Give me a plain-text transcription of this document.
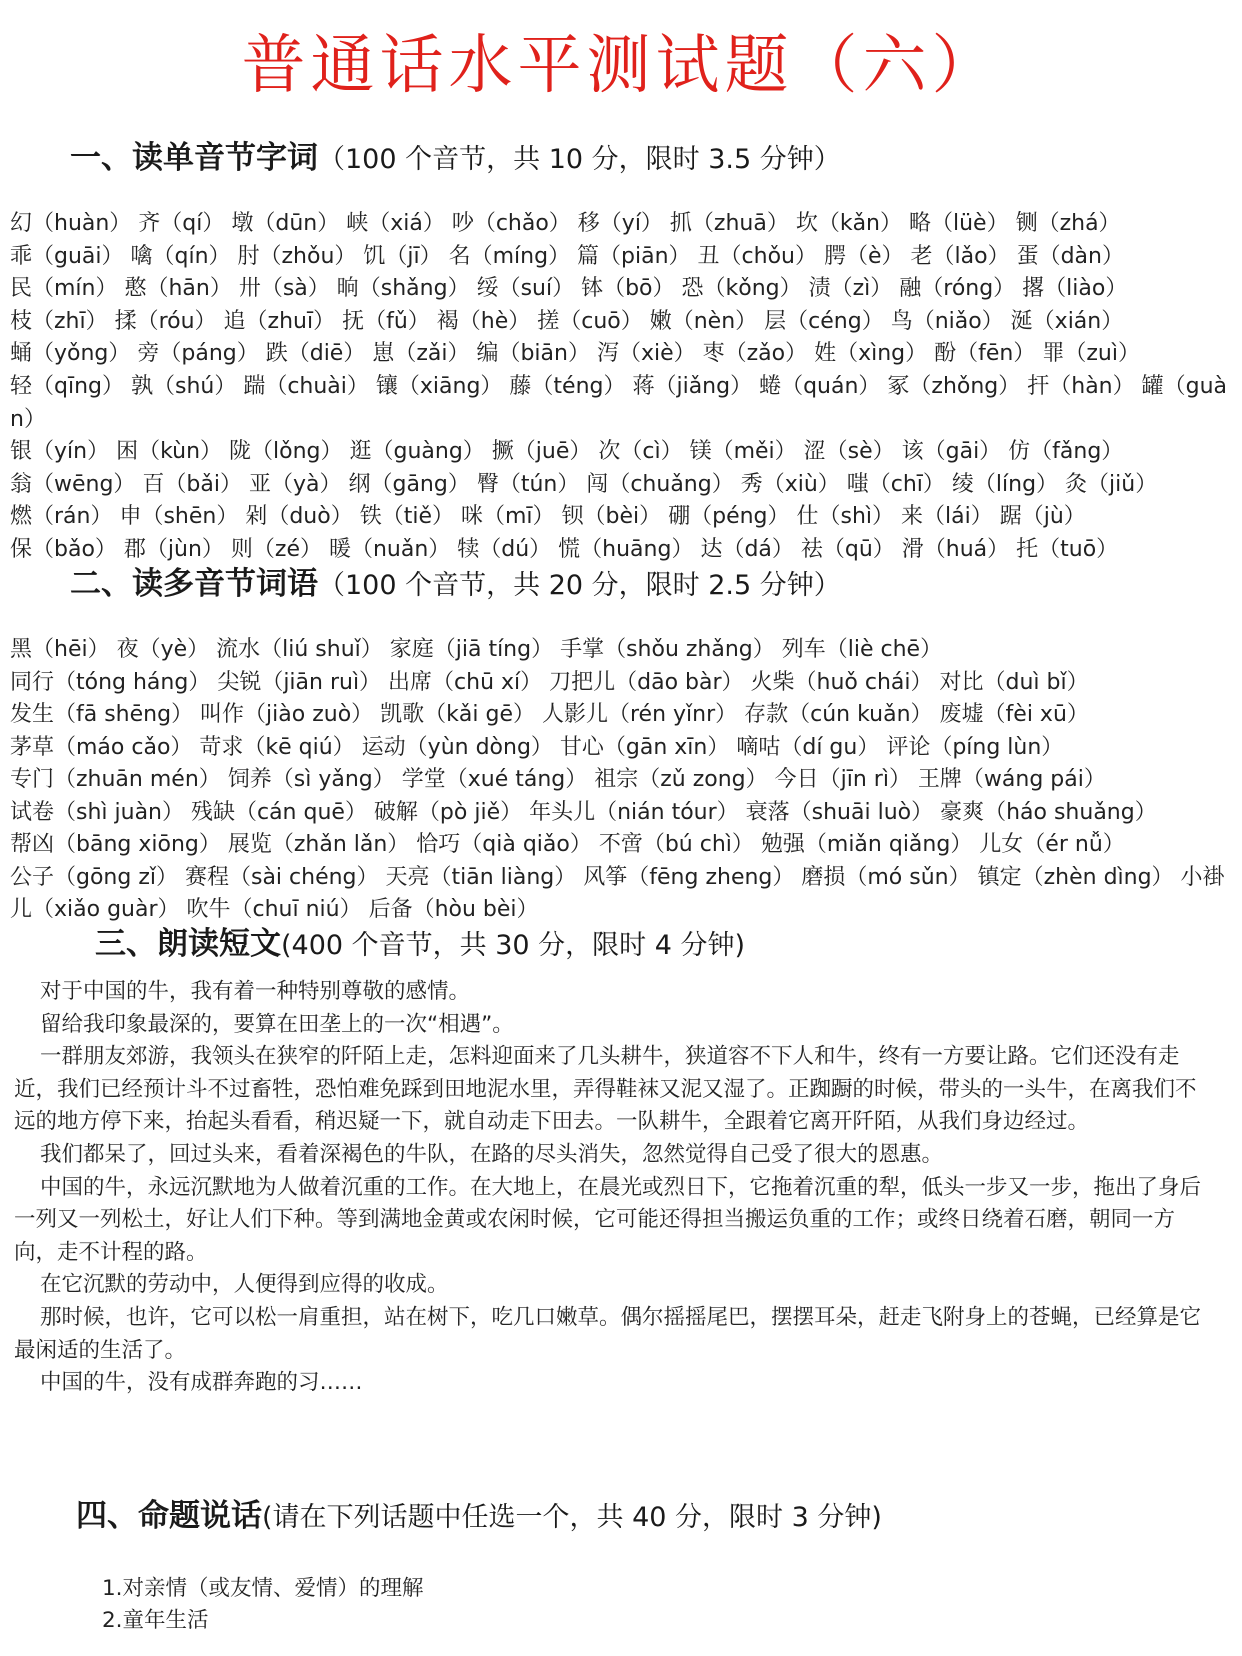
普通话水平测试题（六）
一、读单音节字词（100 个音节，共 10 分，限时 3.5 分钟）
幻（huàn） 齐（qí） 墩（dūn） 峡（xiá） 吵（chǎo） 移（yí） 抓（zhuā） 坎（kǎn） 略（lüè） 铡（zhá）
乖（guāi） 噙（qín） 肘（zhǒu） 饥（jī） 名（míng） 篇（piān） 丑（chǒu） 腭（è） 老（lǎo） 蛋（dàn）
民（mín） 憨（hān） 卅（sà） 晌（shǎng） 绥（suí） 钵（bō） 恐（kǒng） 渍（zì） 融（róng） 撂（liào）
枝（zhī） 揉（róu） 追（zhuī） 抚（fǔ） 褐（hè） 搓（cuō） 嫩（nèn） 层（céng） 鸟（niǎo） 涎（xián）
蛹（yǒng） 旁（páng） 跌（diē） 崽（zǎi） 编（biān） 泻（xiè） 枣（zǎo） 姓（xìng） 酚（fēn） 罪（zuì）
轻（qīng） 孰（shú） 踹（chuài） 镶（xiāng） 藤（téng） 蒋（jiǎng） 蜷（quán） 冢（zhǒng） 扞（hàn） 罐（guàn）
银（yín） 困（kùn） 陇（lǒng） 逛（guàng） 撅（juē） 次（cì） 镁（měi） 涩（sè） 该（gāi） 仿（fǎng）
翁（wēng） 百（bǎi） 亚（yà） 纲（gāng） 臀（tún） 闯（chuǎng） 秀（xiù） 嗤（chī） 绫（líng） 灸（jiǔ）
燃（rán） 申（shēn） 剁（duò） 铁（tiě） 咪（mī） 钡（bèi） 硼（péng） 仕（shì） 来（lái） 踞（jù）
保（bǎo） 郡（jùn） 则（zé） 暖（nuǎn） 犊（dú） 慌（huāng） 达（dá） 祛（qū） 滑（huá） 托（tuō）
二、读多音节词语（100 个音节，共 20 分，限时 2.5 分钟）
黑（hēi） 夜（yè） 流水（liú shuǐ） 家庭（jiā tíng） 手掌（shǒu zhǎng） 列车（liè chē）
同行（tóng háng） 尖锐（jiān ruì） 出席（chū xí） 刀把儿（dāo bàr） 火柴（huǒ chái） 对比（duì bǐ）
发生（fā shēng） 叫作（jiào zuò） 凯歌（kǎi gē） 人影儿（rén yǐnr） 存款（cún kuǎn） 废墟（fèi xū）
茅草（máo cǎo） 苛求（kē qiú） 运动（yùn dòng） 甘心（gān xīn） 嘀咕（dí gu） 评论（píng lùn）
专门（zhuān mén） 饲养（sì yǎng） 学堂（xué táng） 祖宗（zǔ zong） 今日（jīn rì） 王牌（wáng pái）
试卷（shì juàn） 残缺（cán quē） 破解（pò jiě） 年头儿（nián tóur） 衰落（shuāi luò） 豪爽（háo shuǎng）
帮凶（bāng xiōng） 展览（zhǎn lǎn） 恰巧（qià qiǎo） 不啻（bú chì） 勉强（miǎn qiǎng） 儿女（ér nǚ）
公子（gōng zǐ） 赛程（sài chéng） 天亮（tiān liàng） 风筝（fēng zheng） 磨损（mó sǔn） 镇定（zhèn dìng） 小褂儿（xiǎo guàr） 吹牛（chuī niú） 后备（hòu bèi）
三、朗读短文(400 个音节，共 30 分，限时 4 分钟)

对于中国的牛，我有着一种特别尊敬的感情。

留给我印象最深的，要算在田垄上的一次“相遇”。

一群朋友郊游，我领头在狭窄的阡陌上走，怎料迎面来了几头耕牛，狭道容不下人和牛，终有一方要让路。它们还没有走近，我们已经预计斗不过畜牲，恐怕难免踩到田地泥水里，弄得鞋袜又泥又湿了。正踟蹰的时候，带头的一头牛，在离我们不远的地方停下来，抬起头看看，稍迟疑一下，就自动走下田去。一队耕牛，全跟着它离开阡陌，从我们身边经过。

我们都呆了，回过头来，看着深褐色的牛队，在路的尽头消失，忽然觉得自己受了很大的恩惠。

中国的牛，永远沉默地为人做着沉重的工作。在大地上，在晨光或烈日下，它拖着沉重的犁，低头一步又一步，拖出了身后一列又一列松土，好让人们下种。等到满地金黄或农闲时候，它可能还得担当搬运负重的工作；或终日绕着石磨，朝同一方向，走不计程的路。

在它沉默的劳动中，人便得到应得的收成。

那时候，也许，它可以松一肩重担，站在树下，吃几口嫩草。偶尔摇摇尾巴，摆摆耳朵，赶走飞附身上的苍蝇，已经算是它最闲适的生活了。

中国的牛，没有成群奔跑的习……

四、命题说话(请在下列话题中任选一个，共 40 分，限时 3 分钟)
1.对亲情（或友情、爱情）的理解
2.童年生活
